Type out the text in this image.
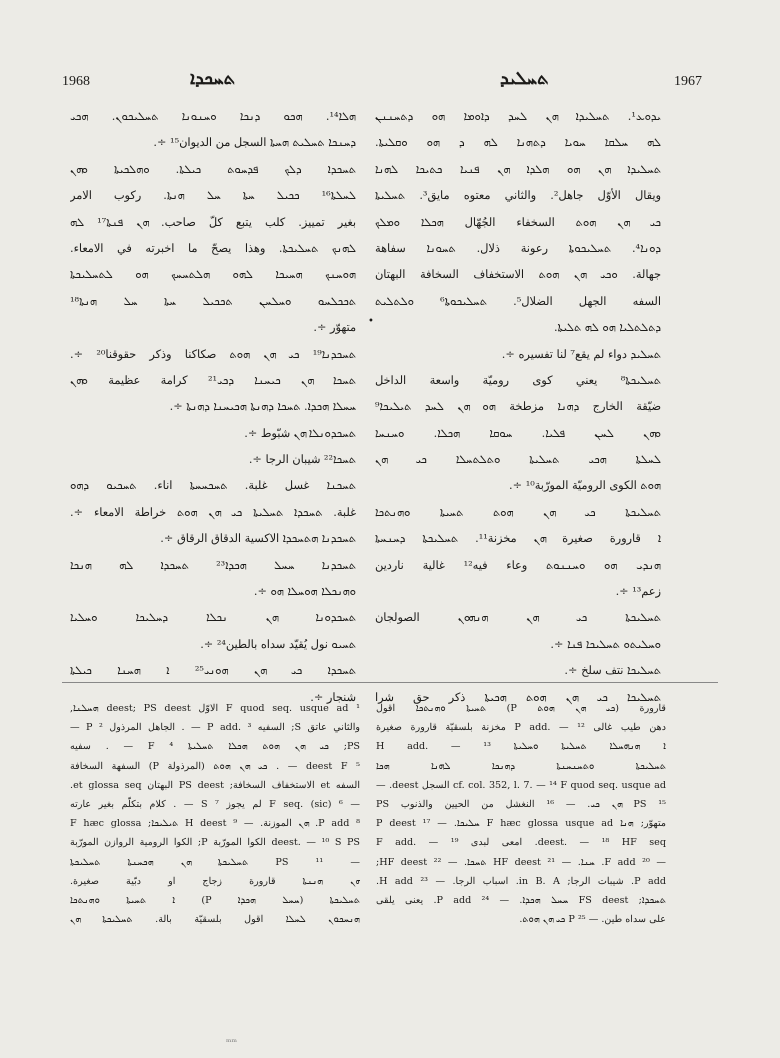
1968	ܬܚܟܕܐ	ܬܚܠܝܕ	1967
ܝܕܘܥ¹. ܬܚܠܝܕܐ ܗܢ ܠܚܕ ܕܐܘܡܐ ܗܘ ܕܬܚܢܢܢ
ܠܗ ܚܠܩܐ ܚܘܝܐ ܕܬܗܢܐ ܠܗ ܕ ܗܘ ܘܩܠܝܬܐ.
ܬܚܠܝܕܐ ܗܢ ܗܘ ܗܠܕܐ ܗܢ ܦܢܝܐ ܟܬܝܟܐ ܠܗܢܐ
ويقال الأوّل جاهل². والثاني معتوه مايق³. ܬܚܠܝܬܐ
ܟܝ ܗܢ ܗܘܬ السخفاء الجُهّال ܗܟܠܐ ܘܡܠܟ
ܕܘܢܐ⁴. ܬܚܠܝܟܘܬܐ رعونة ذلال. ܬܚܘܢܐ سفاهة
جهالة. ܘܟܝ ܗܢ ܗܘܬ الاستخفاف السخافة البهتان
السفه الجهل الضلال⁵. ܬܚܠܝܟܘܬܐ⁶ ܘܠܬܠܝܬ
ܕܬܠܬܠܝܐ ܗܘ ܠܗ ܬܠܝܬܐ.
ܬܚܠܝܕ دواء لم يقع⁷ لنا تفسيره ÷.
ܬܚܠܝܟܬܐ⁸ يعني كوى روميّة واسعة الداخل
ضيّقة الخارج ܕܗܢܐ مزطخة ܗܘ ܗܢ ܠܚܕ ܬܝܠܝܟܐ⁹
ܘܗܢ ܠܚܢ ܦܠܝܐ. ܚܘܩܐ ܗܟܠܐ. ܘܚܢܚܐ
ܠܚܠܬܐ ܗܟܝ ܬܚܠܝܬܐ ܘܬܠܬܚܠܐ ܟܝ ܗܢ
ܗܘܬ الكوى الروميّة المورّبة¹⁰ ÷.
ܬܚܠܝܟܬܐ ܟܝ ܗܢ ܗܘܬ ܬܚܝܬܐ ܘܗܢܬܟܐ
ܐ قارورة صغيرة ܗܢ مخزنة¹¹. ܬܚܠܝܟܬܐ ܕܚܢܚܬܐ
ܗܢܕܝ ܗܘ ܘܚܢܢܘܬ وعاء فيه¹² غالية ناردين
زعم¹³ ÷.
ܬܚܠܝܟܬܐ ܟܝ ܗܢ ܗܢܗܘܢ الصولجان
ܘܚܠܝܬܘ ܬܚܠܝܟܐ ܦܢܐ ÷.
ܬܚܠܝܟܐ نتف سلخ ÷.
ܬܚܠܝܟܐ ܟܝ ܗܢ ܗܘܬ ܗܟܝܬܐ ذكر حق شرا
ܗܠܐ¹⁴. ܗܟܘ ܕܢܟܐ ܘܚܢܘܢܐ ܬܚܠܝܟܘܢ. ܗܟܝ
ܕܚܢܟܐ ܬܚܠܝܬ ܗܚܬܐ السجل من الديوان¹⁵ ÷.
ܬܚܟܕܐ ܕܠܟ ܦܕܚܘܬ ܟܝܠܬܐ. ܘܗܠܟܝܬܐ ܘܗܢ
ܠܚܠܬܐ¹⁶ ܟܟܝܠ ܚܬܐ ܚܠ ܗܢܬܐ. ركوب الامر
بغير تمييز. كلب يتبع كلّ صاحب. ܗܢ ܦܢܬܐ¹⁷ ܠܗ
ܠܗܢܟ ܬܚܠܝܟܬܐ. وهذا يصحّ ما اخبرته في الامعاء.
ܗܘܚܢܟ ܗܚܝܟܐ ܠܗܘ ܗܠܬܚܚܟ ܗܘ ܠܬܚܠܝܟܬܐ
ܬܟܟܠܚܘ ܘܚܠܚܢ ܬܟܟܝܠ ܚܬܐ ܚܠ ܗܢܬܐ¹⁸
متهوّر ÷.
ܬܚܟܕܢܐ¹⁹ ܟܝ ܗܢ ܗܘܬ صكاكنا وذكر حقوقنا²⁰ ÷.
ܬܚܟܐ ܗܢ ܟܝܚܢܐ ܕܟܝ²¹ كرامة عظيمة ܘܗܢ
ܚܚܠܐ ܗܟܕܐ. ܬܚܟܐ ܕܗܢܬܐ ܗܟܝܚܢܐ ܕܗܢܬܐ ÷.
ܬܚܟܕܘܢܠܐ ܗܢ شبّوط ÷.
ܬܚܟܐ²² شيبان الرجا ÷.
ܬܚܟܢܐ غسل غلبة. ܬܚܟܚܚܬܐ اناء. ܬܚܟܝܘ ܕܗܘ
غلبة. ܬܚܟܕܐ ܬܚܠܝܬܐ ܟܝ ܗܢ ܗܘܬ خراطة الامعاء ÷.
ܬܚܟܕܢܐ ܗܬܚܟܕܐ الاكسية الدقاق الرقاق ÷.
ܬܚܟܕܢܐ ܚܚܠ ܗܟܕܐ²³ ܬܚܟܕܐ ܠܗ ܗܢܟܐ
ܘܗܢܟܠܐ ܗܘܚܠܐ ܗܘ ÷.
ܬܚܟܕܘܢܐ ܗܢ ܢܟܠܐ ܕܚܠܝܟܐ ܘܚܠܝܐ
ܬܚܝܘ نول يُقيّد سداه بالطين²⁴ ÷.
ܬܚܟܕܐ ܟܝ ܗܢ ܗܘܢܝ²⁵ ܐ ܗܚܢܐ ܟܝܠܬܐ
شنجار ÷.
•
قارورة (ܟܝ ܗܢ ܗܘܬ P) ܬܚܝܬܐ ܘܗܢܬܟܐ اقول
دهن طيب غالى P add. — ¹² مخزنة بلسقيّة قارورة صغيرة
ܐ ܗܢܗܚܠܐ ܬܚܠܝܬܐ ܘܚܠܝܬܐ H add. — ¹³
ܬܚܠܝܟܬܐ ܘܬܚܢܚܢܬܐ ܕܗܢܟܐ ܠܗܢܐ ܗܟܐ
cf. col. 352, l. 7. — ¹⁴ F quod seq. usque ad السجل deest. —
¹⁵ PS ܗܢ ܟܝ. — ¹⁶ النغشل من الحيين والذنوب PS
متهوّر; ܗܢܐ F hæc glossa usque ad ܚܠܝܟܐ. — ¹⁷ P deest
deest. — ¹⁸ HF seq. امعى لبدى F add. — ¹⁹
— ²⁰ F add. ܚܢܐ. — ²¹ HF deest ܬܚܟܐ. — ²² HF deest;
P add. شيبات الرجا; in B. A. اسباب الرجا. — ²³ H add.
ܬܚܟܕܐ; FS deest ܚܚܠ ܗܟܕܐ. — ²⁴ P add. يعنى يلقى
على سداه طين. — ²⁵ P ܟܝ ܗܢ ܗܘܬ.
¹ F quod seq. usque ad الاوّل deest; PS deest ܗܚܠܢܐ,
والثاني عاتق S; السفيه P add. ³ — . الجاهل المرذول P ² —
PS; ܟܝ ܗܢ ܗܘܬ ܗܟܠܐ ܬܚܠܝܬܐ F ⁴ — . سفيه
deest F ⁵ — . ܟܝ ܗܢ ܗܘܬ (المرذولة P) السفهة السخافة
السفه et الاستخفاف السخافة; PS deest البهتان et glossa seq.
— ⁶ F seq. (sic) لم يجوز S ⁷ — . كلام بتكلّم بغير عارته
⁸ P add. ܗܢ الموزنة. — ⁹ H deest ܬܝܠܝܟܐ; F hæc glossa
deest. — ¹⁰ S PS الكوا المورّبة P; الكوا الرومية الروازن المورّبة
— ¹¹ PS ܬܚܠܝܟܬܐ ܗܢ ܗܟܚܢܬܐ ܬܚܠܝܟܬܐ
ܗܢ ܗܢܢܬܐ قارورة زجاج او دبّية صغيرة.
ܬܚܠܝܟܬܐ (ܚܚܠ ܗܟܕܐ P) ܐ ܬܚܝܬܐ ܘܗܢܬܟܐ
ܗܢܚܟܘܢ ܠܚܠܐ اقول بلسقيّة بالة. ܬܚܠܝܟܬܐ ܗܢ
ᵐᵐ
